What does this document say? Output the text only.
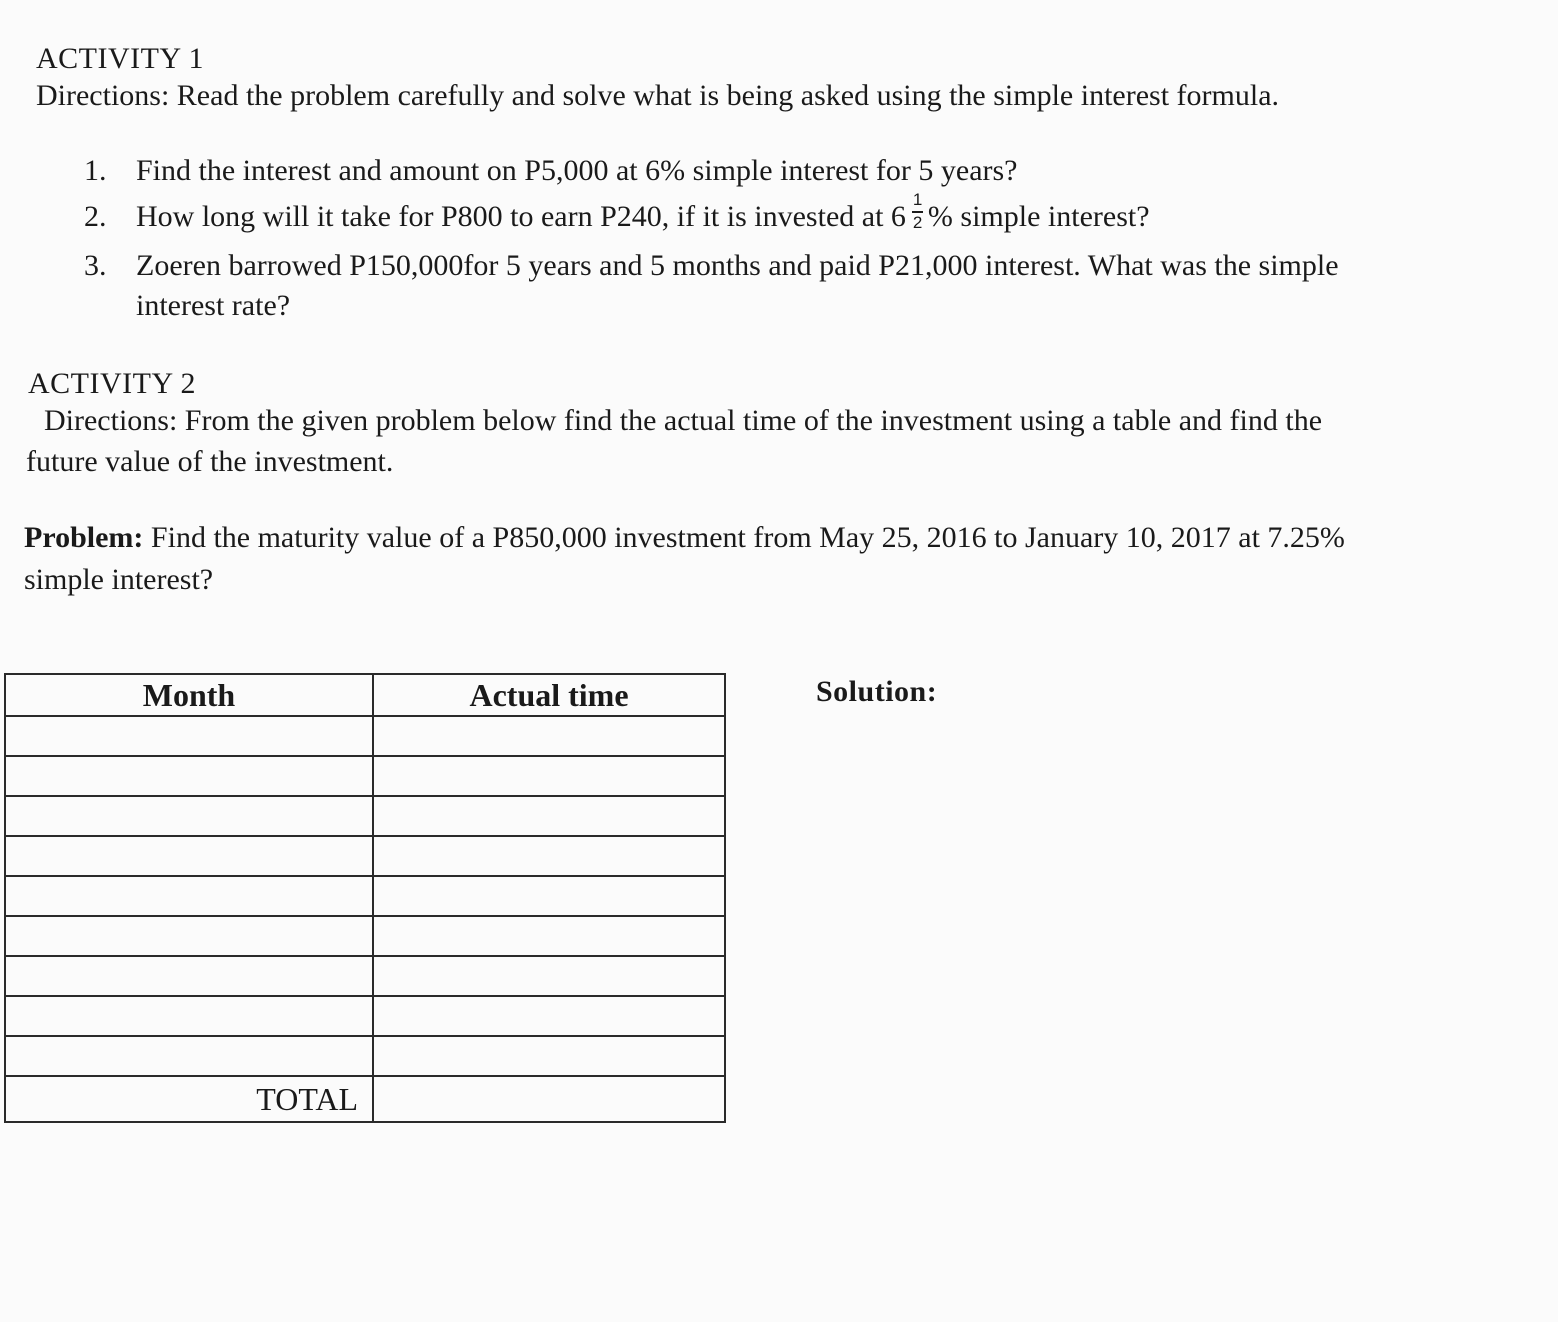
ACTIVITY 1
Directions: Read the problem carefully and solve what is being asked using the simple interest formula.
1. Find the interest and amount on P5,000 at 6% simple interest for 5 years?
2. How long will it take for P800 to earn P240, if it is invested at $6 \frac{1}{2}$ % simple interest?
3. Zoeren barrowed P150,000for 5 years and 5 months and paid P21,000 interest. What was the simple
interest rate?
ACTIVITY 2
Directions: From the given problem below find the actual time of the investment using a table and find the
future value of the investment.
Problem: Find the maturity value of a P850,000 investment from May 25, 2016 to January 10, 2017 at 7.25%
simple interest?
Month	Actual time

TOTAL	
Solution:
